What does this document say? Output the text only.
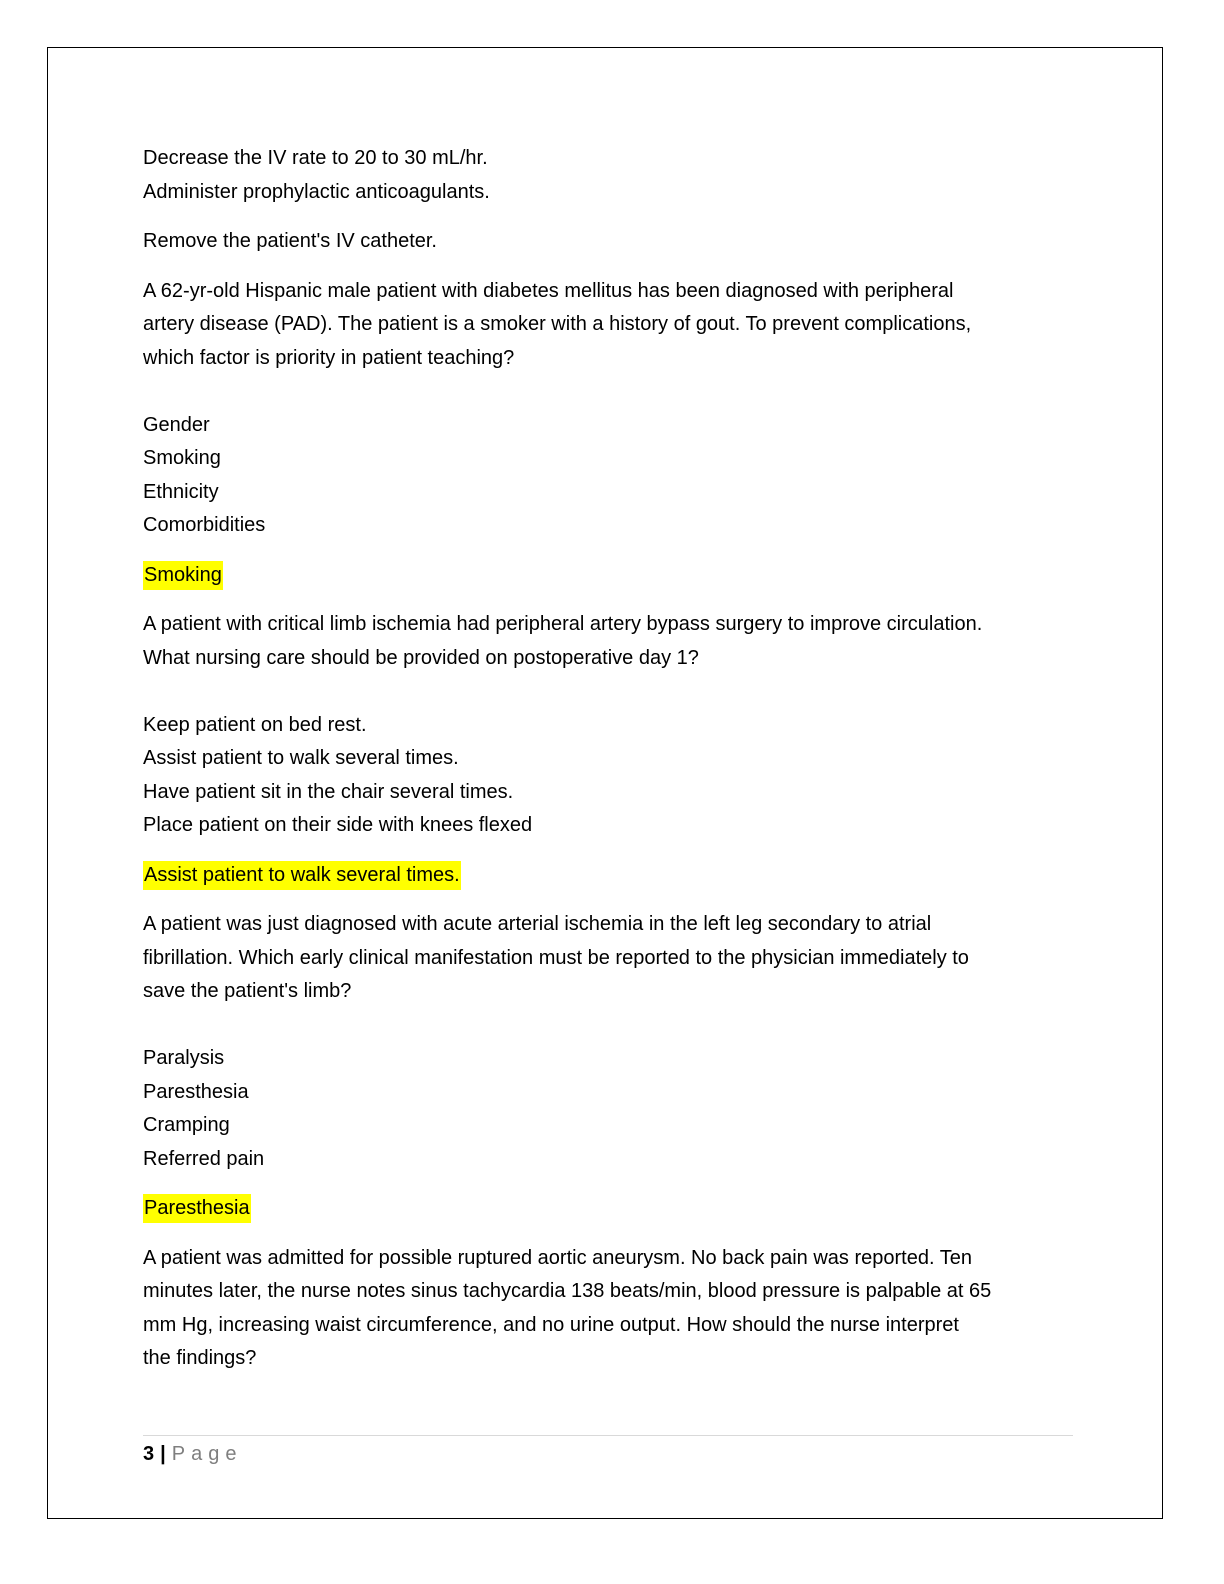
Decrease the IV rate to 20 to 30 mL/hr.
Administer prophylactic anticoagulants.
Remove the patient's IV catheter.
A 62-yr-old Hispanic male patient with diabetes mellitus has been diagnosed with peripheral
artery disease (PAD). The patient is a smoker with a history of gout. To prevent complications,
which factor is priority in patient teaching?
Gender
Smoking
Ethnicity
Comorbidities
Smoking
A patient with critical limb ischemia had peripheral artery bypass surgery to improve circulation.
What nursing care should be provided on postoperative day 1?
Keep patient on bed rest.
Assist patient to walk several times.
Have patient sit in the chair several times.
Place patient on their side with knees flexed
Assist patient to walk several times.
A patient was just diagnosed with acute arterial ischemia in the left leg secondary to atrial
fibrillation. Which early clinical manifestation must be reported to the physician immediately to
save the patient's limb?
Paralysis
Paresthesia
Cramping
Referred pain
Paresthesia
A patient was admitted for possible ruptured aortic aneurysm. No back pain was reported. Ten
minutes later, the nurse notes sinus tachycardia 138 beats/min, blood pressure is palpable at 65
mm Hg, increasing waist circumference, and no urine output. How should the nurse interpret
the findings?
3 | Page
